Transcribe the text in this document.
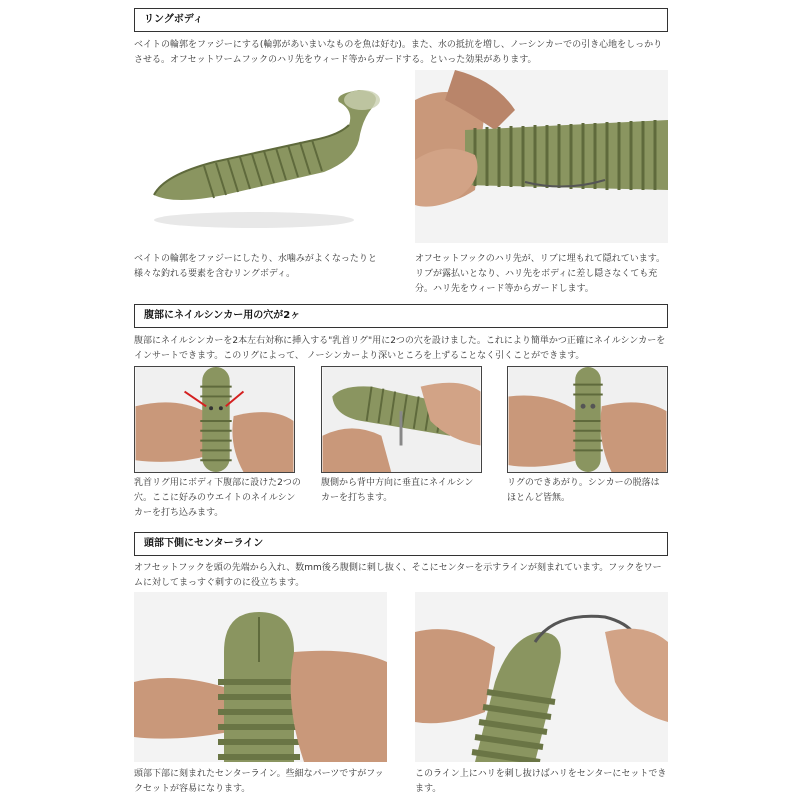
リングボディ
ベイトの輪郭をファジーにする(輪郭があいまいなものを魚は好む)。また、水の抵抗を増し、ノーシンカーでの引き心地をしっかりさせる。オフセットワームフックのハリ先をウィード等からガードする。といった効果があります。
ベイトの輪郭をファジーにしたり、水噛みがよくなったりと様々な釣れる要素を含むリングボディ。
オフセットフックのハリ先が、リブに埋もれて隠れています。リブが露払いとなり、ハリ先をボディに差し隠さなくても充分。ハリ先をウィード等からガードします。
腹部にネイルシンカー用の穴が2ヶ
腹部にネイルシンカーを2本左右対称に挿入する"乳首リグ"用に2つの穴を設けました。これにより簡単かつ正確にネイルシンカーをインサートできます。このリグによって、 ノーシンカーより深いところを上ずることなく引くことができます。
乳首リグ用にボディ下腹部に設けた2つの穴。ここに好みのウエイトのネイルシンカーを打ち込みます。
腹側から背中方向に垂直にネイルシンカーを打ちます。
リグのできあがり。シンカーの脱落はほとんど皆無。
頭部下側にセンターライン
オフセットフックを頭の先端から入れ、数mm後ろ腹側に刺し抜く、そこにセンターを示すラインが刻まれています。フックをワームに対してまっすぐ刺すのに役立ちます。
頭部下部に刻まれたセンターライン。些細なパーツですがフックセットが容易になります。
このライン上にハリを刺し抜けばハリをセンターにセットできます。
